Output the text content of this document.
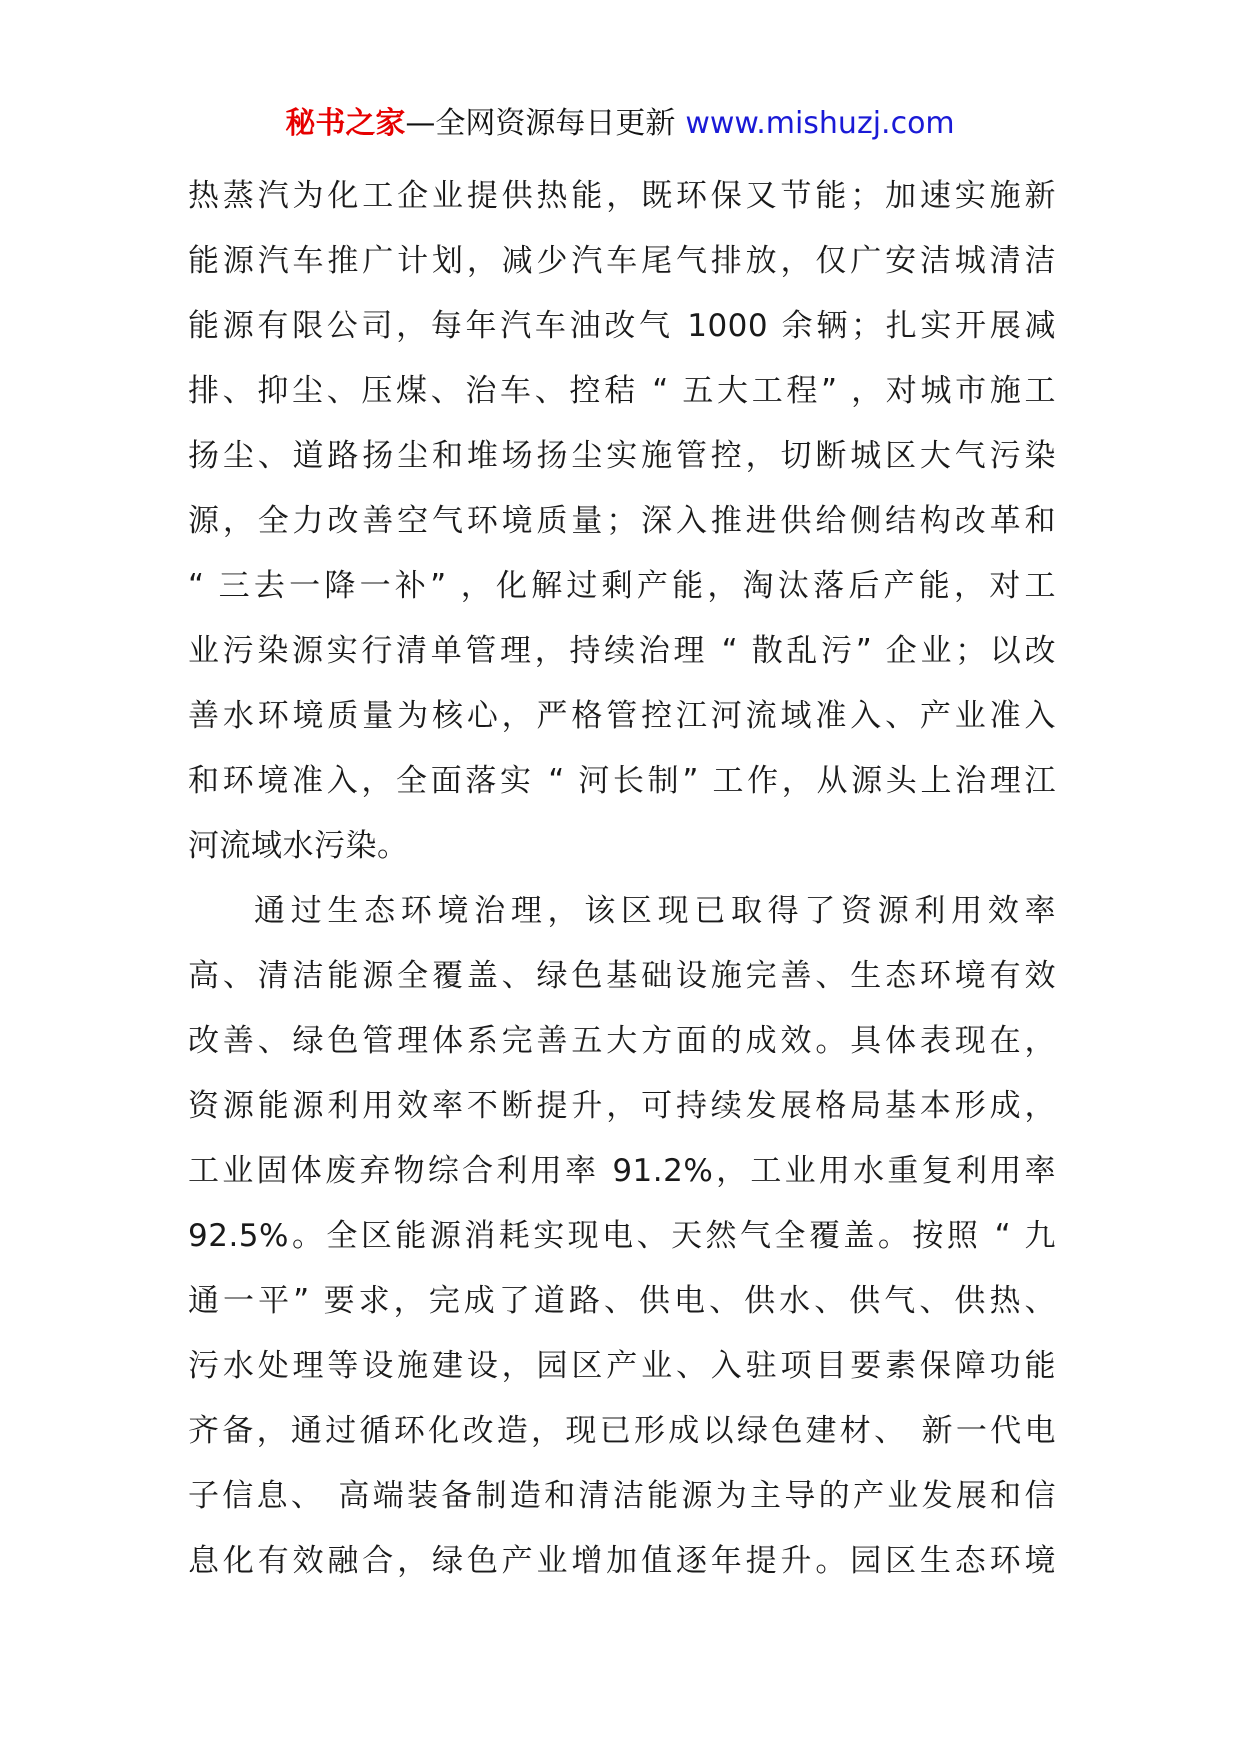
秘书之家—全网资源每日更新 www.mishuzj.com
热蒸汽为化工企业提供热能，既环保又节能；加速实施新
能源汽车推广计划，减少汽车尾气排放，仅广安洁城清洁
能源有限公司，每年汽车油改气 1000 余辆；扎实开展减
排、抑尘、压煤、治车、控秸 “ 五大工程” ，对城市施工
扬尘、道路扬尘和堆场扬尘实施管控，切断城区大气污染
源，全力改善空气环境质量；深入推进供给侧结构改革和
“ 三去一降一补” ，化解过剩产能，淘汰落后产能，对工
业污染源实行清单管理，持续治理 “ 散乱污” 企业；以改
善水环境质量为核心，严格管控江河流域准入、产业准入
和环境准入，全面落实 “ 河长制” 工作，从源头上治理江
河流域水污染。
通过生态环境治理，该区现已取得了资源利用效率
高、清洁能源全覆盖、绿色基础设施完善、生态环境有效
改善、绿色管理体系完善五大方面的成效。具体表现在，
资源能源利用效率不断提升，可持续发展格局基本形成，
工业固体废弃物综合利用率 91.2%，工业用水重复利用率
92.5%。全区能源消耗实现电、天然气全覆盖。按照 “ 九
通一平” 要求，完成了道路、供电、供水、供气、供热、
污水处理等设施建设，园区产业、入驻项目要素保障功能
齐备，通过循环化改造，现已形成以绿色建材、 新一代电
子信息、 高端装备制造和清洁能源为主导的产业发展和信
息化有效融合，绿色产业增加值逐年提升。园区生态环境
